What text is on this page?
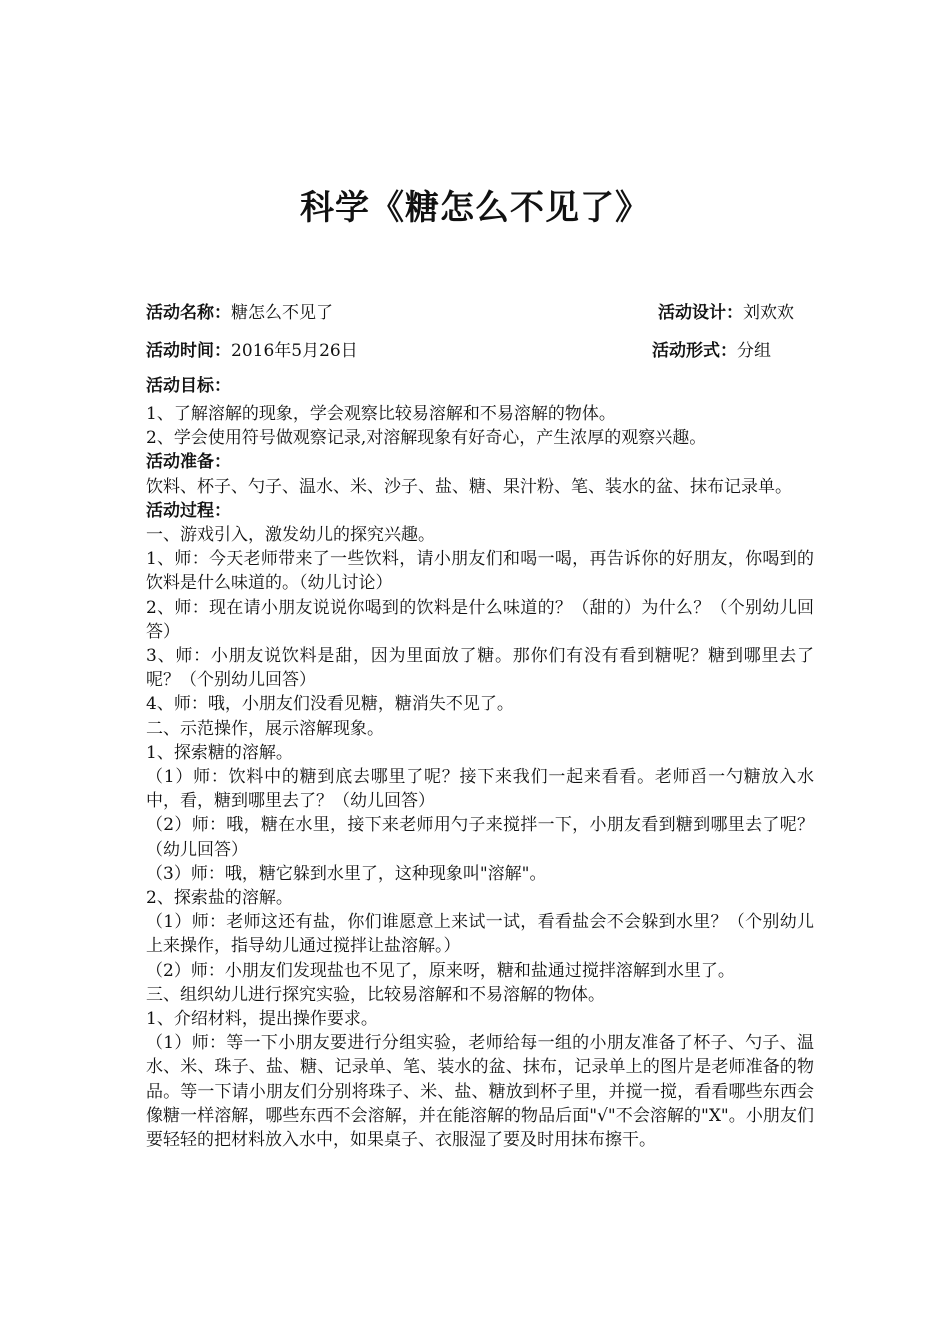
科学《糖怎么不见了》
活动名称：糖怎么不见了	活动设计：刘欢欢
活动时间：2016年5月26日	活动形式：分组
活动目标：

1、了解溶解的现象，学会观察比较易溶解和不易溶解的物体。

2、学会使用符号做观察记录,对溶解现象有好奇心，产生浓厚的观察兴趣。

活动准备：

饮料、杯子、勺子、温水、米、沙子、盐、糖、果汁粉、笔、装水的盆、抹布记录单。

活动过程：

一、游戏引入，激发幼儿的探究兴趣。

1、师：今天老师带来了一些饮料，请小朋友们和喝一喝，再告诉你的好朋友，你喝到的饮料是什么味道的。（幼儿讨论）

2、师：现在请小朋友说说你喝到的饮料是什么味道的？（甜的）为什么？（个别幼儿回答）

3、师：小朋友说饮料是甜，因为里面放了糖。那你们有没有看到糖呢？糖到哪里去了呢？（个别幼儿回答）

4、师：哦，小朋友们没看见糖，糖消失不见了。

二、示范操作，展示溶解现象。

1、探索糖的溶解。

（1）师：饮料中的糖到底去哪里了呢？接下来我们一起来看看。老师舀一勺糖放入水中，看，糖到哪里去了？（幼儿回答）

（2）师：哦，糖在水里，接下来老师用勺子来搅拌一下，小朋友看到糖到哪里去了呢？（幼儿回答）

（3）师：哦，糖它躲到水里了，这种现象叫"溶解"。

2、探索盐的溶解。

（1）师：老师这还有盐，你们谁愿意上来试一试，看看盐会不会躲到水里？（个别幼儿上来操作，指导幼儿通过搅拌让盐溶解。）

（2）师：小朋友们发现盐也不见了，原来呀，糖和盐通过搅拌溶解到水里了。

三、组织幼儿进行探究实验，比较易溶解和不易溶解的物体。

1、介绍材料，提出操作要求。

（1）师：等一下小朋友要进行分组实验，老师给每一组的小朋友准备了杯子、勺子、温水、米、珠子、盐、糖、记录单、笔、装水的盆、抹布，记录单上的图片是老师准备的物品。等一下请小朋友们分别将珠子、米、盐、糖放到杯子里，并搅一搅，看看哪些东西会像糖一样溶解，哪些东西不会溶解，并在能溶解的物品后面"√"不会溶解的"X"。小朋友们要轻轻的把材料放入水中，如果桌子、衣服湿了要及时用抹布擦干。
